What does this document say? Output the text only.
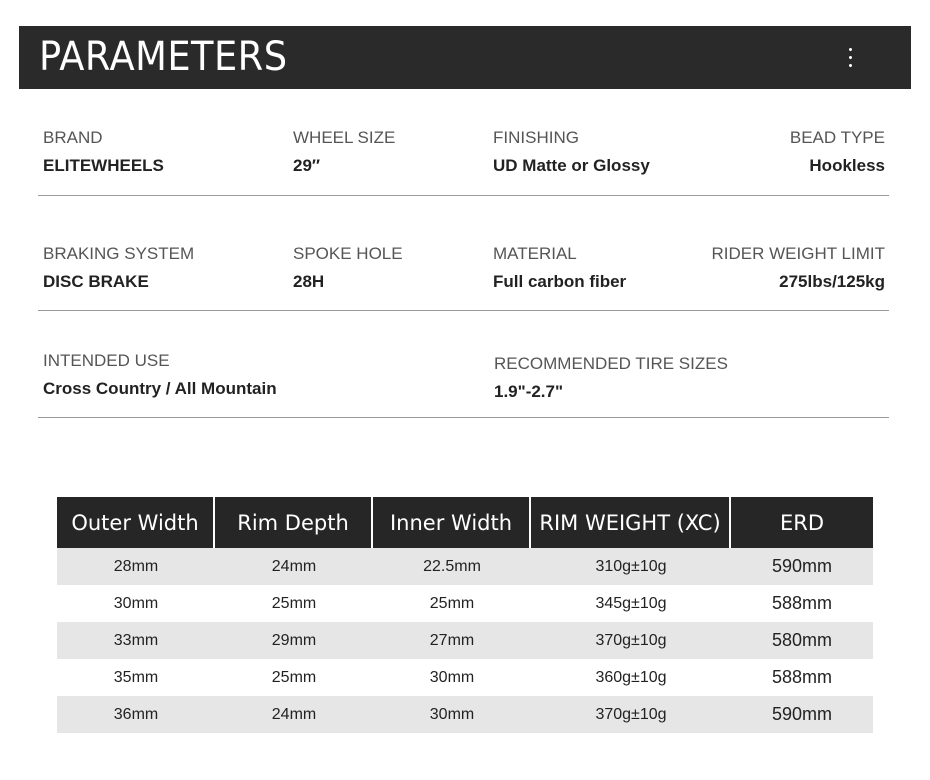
PARAMETERS
BRAND
ELITEWHEELS
WHEEL SIZE
29″
FINISHING
UD Matte or Glossy
BEAD TYPE
Hookless
BRAKING SYSTEM
DISC BRAKE
SPOKE HOLE
28H
MATERIAL
Full carbon fiber
RIDER WEIGHT LIMIT
275lbs/125kg
INTENDED USE
Cross Country / All Mountain
RECOMMENDED TIRE SIZES
1.9"-2.7"
Outer Width	Rim Depth	Inner Width	RIM WEIGHT (XC)	ERD
28mm	24mm	22.5mm	310g±10g	590mm
30mm	25mm	25mm	345g±10g	588mm
33mm	29mm	27mm	370g±10g	580mm
35mm	25mm	30mm	360g±10g	588mm
36mm	24mm	30mm	370g±10g	590mm
